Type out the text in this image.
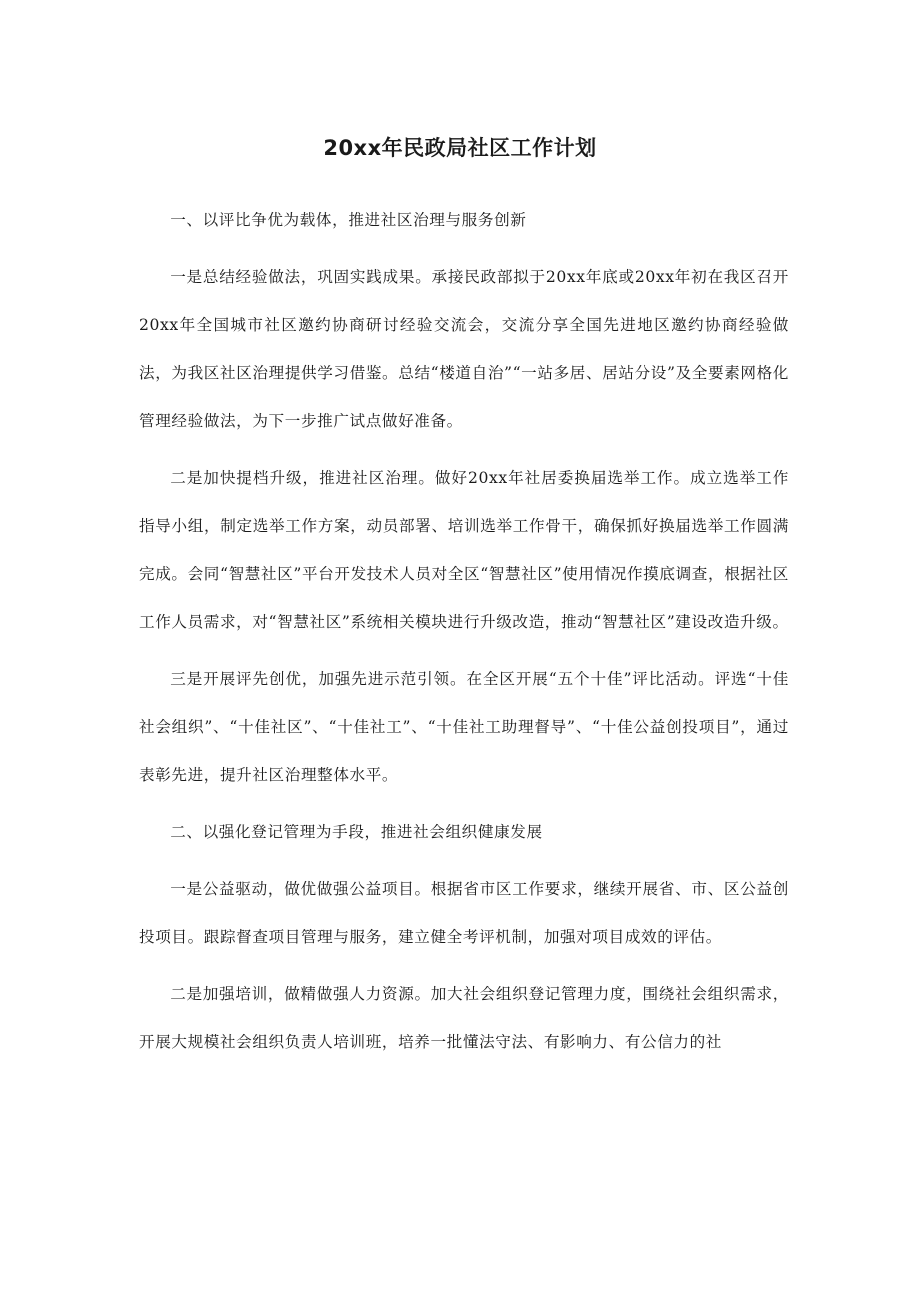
20xx年民政局社区工作计划

一、以评比争优为载体，推进社区治理与服务创新

一是总结经验做法，巩固实践成果。承接民政部拟于20xx年底或20xx年初在我区召开20xx年全国城市社区邀约协商研讨经验交流会，交流分享全国先进地区邀约协商经验做法，为我区社区治理提供学习借鉴。总结“楼道自治”“一站多居、居站分设”及全要素网格化管理经验做法，为下一步推广试点做好准备。

二是加快提档升级，推进社区治理。做好20xx年社居委换届选举工作。成立选举工作指导小组，制定选举工作方案，动员部署、培训选举工作骨干，确保抓好换届选举工作圆满完成。会同“智慧社区”平台开发技术人员对全区“智慧社区”使用情况作摸底调查，根据社区工作人员需求，对“智慧社区”系统相关模块进行升级改造，推动“智慧社区”建设改造升级。

三是开展评先创优，加强先进示范引领。在全区开展“五个十佳”评比活动。评选“十佳社会组织”、“十佳社区”、“十佳社工”、“十佳社工助理督导”、“十佳公益创投项目”，通过表彰先进，提升社区治理整体水平。

二、以强化登记管理为手段，推进社会组织健康发展

一是公益驱动，做优做强公益项目。根据省市区工作要求，继续开展省、市、区公益创投项目。跟踪督查项目管理与服务，建立健全考评机制，加强对项目成效的评估。

二是加强培训，做精做强人力资源。加大社会组织登记管理力度，围绕社会组织需求，开展大规模社会组织负责人培训班，培养一批懂法守法、有影响力、有公信力的社
